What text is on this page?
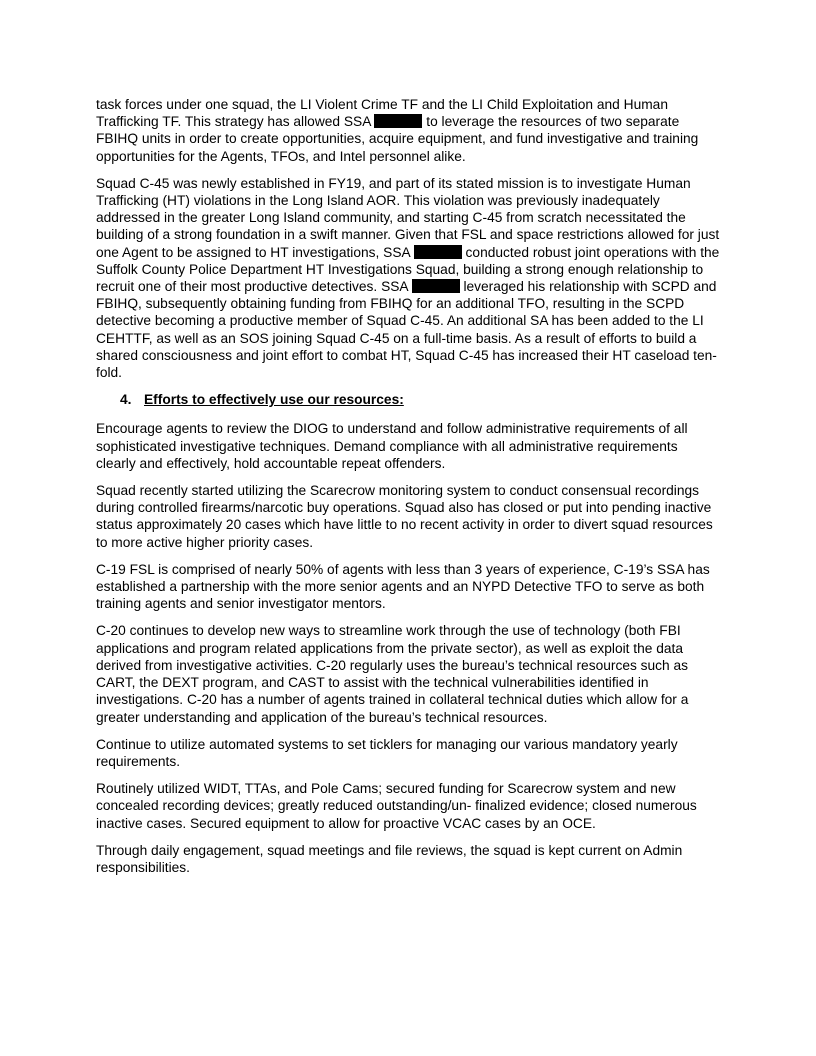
task forces under one squad, the LI Violent Crime TF and the LI Child Exploitation and Human Trafficking TF. This strategy has allowed SSA	to leverage the resources of two separate FBIHQ units in order to create opportunities, acquire equipment, and fund investigative and training opportunities for the Agents, TFOs, and Intel personnel alike.

Squad C-45 was newly established in FY19, and part of its stated mission is to investigate Human Trafficking (HT) violations in the Long Island AOR. This violation was previously inadequately addressed in the greater Long Island community, and starting C-45 from scratch necessitated the building of a strong foundation in a swift manner. Given that FSL and space restrictions allowed for just one Agent to be assigned to HT investigations, SSA	conducted robust joint operations with the Suffolk County Police Department HT Investigations Squad, building a strong enough relationship to recruit one of their most productive detectives. SSA	leveraged his relationship with SCPD and FBIHQ, subsequently obtaining funding from FBIHQ for an additional TFO, resulting in the SCPD detective becoming a productive member of Squad C-45. An additional SA has been added to the LI CEHTTF, as well as an SOS joining Squad C-45 on a full-time basis. As a result of efforts to build a shared consciousness and joint effort to combat HT, Squad C-45 has increased their HT caseload ten-fold.

4. Efforts to effectively use our resources:

Encourage agents to review the DIOG to understand and follow administrative requirements of all sophisticated investigative techniques. Demand compliance with all administrative requirements clearly and effectively, hold accountable repeat offenders.

Squad recently started utilizing the Scarecrow monitoring system to conduct consensual recordings during controlled firearms/narcotic buy operations. Squad also has closed or put into pending inactive status approximately 20 cases which have little to no recent activity in order to divert squad resources to more active higher priority cases.

C-19 FSL is comprised of nearly 50% of agents with less than 3 years of experience, C-19’s SSA has established a partnership with the more senior agents and an NYPD Detective TFO to serve as both training agents and senior investigator mentors.

C-20 continues to develop new ways to streamline work through the use of technology (both FBI applications and program related applications from the private sector), as well as exploit the data derived from investigative activities. C-20 regularly uses the bureau’s technical resources such as CART, the DEXT program, and CAST to assist with the technical vulnerabilities identified in investigations. C-20 has a number of agents trained in collateral technical duties which allow for a greater understanding and application of the bureau’s technical resources.

Continue to utilize automated systems to set ticklers for managing our various mandatory yearly requirements.

Routinely utilized WIDT, TTAs, and Pole Cams; secured funding for Scarecrow system and new concealed recording devices; greatly reduced outstanding/un- finalized evidence; closed numerous inactive cases. Secured equipment to allow for proactive VCAC cases by an OCE.

Through daily engagement, squad meetings and file reviews, the squad is kept current on Admin responsibilities.
